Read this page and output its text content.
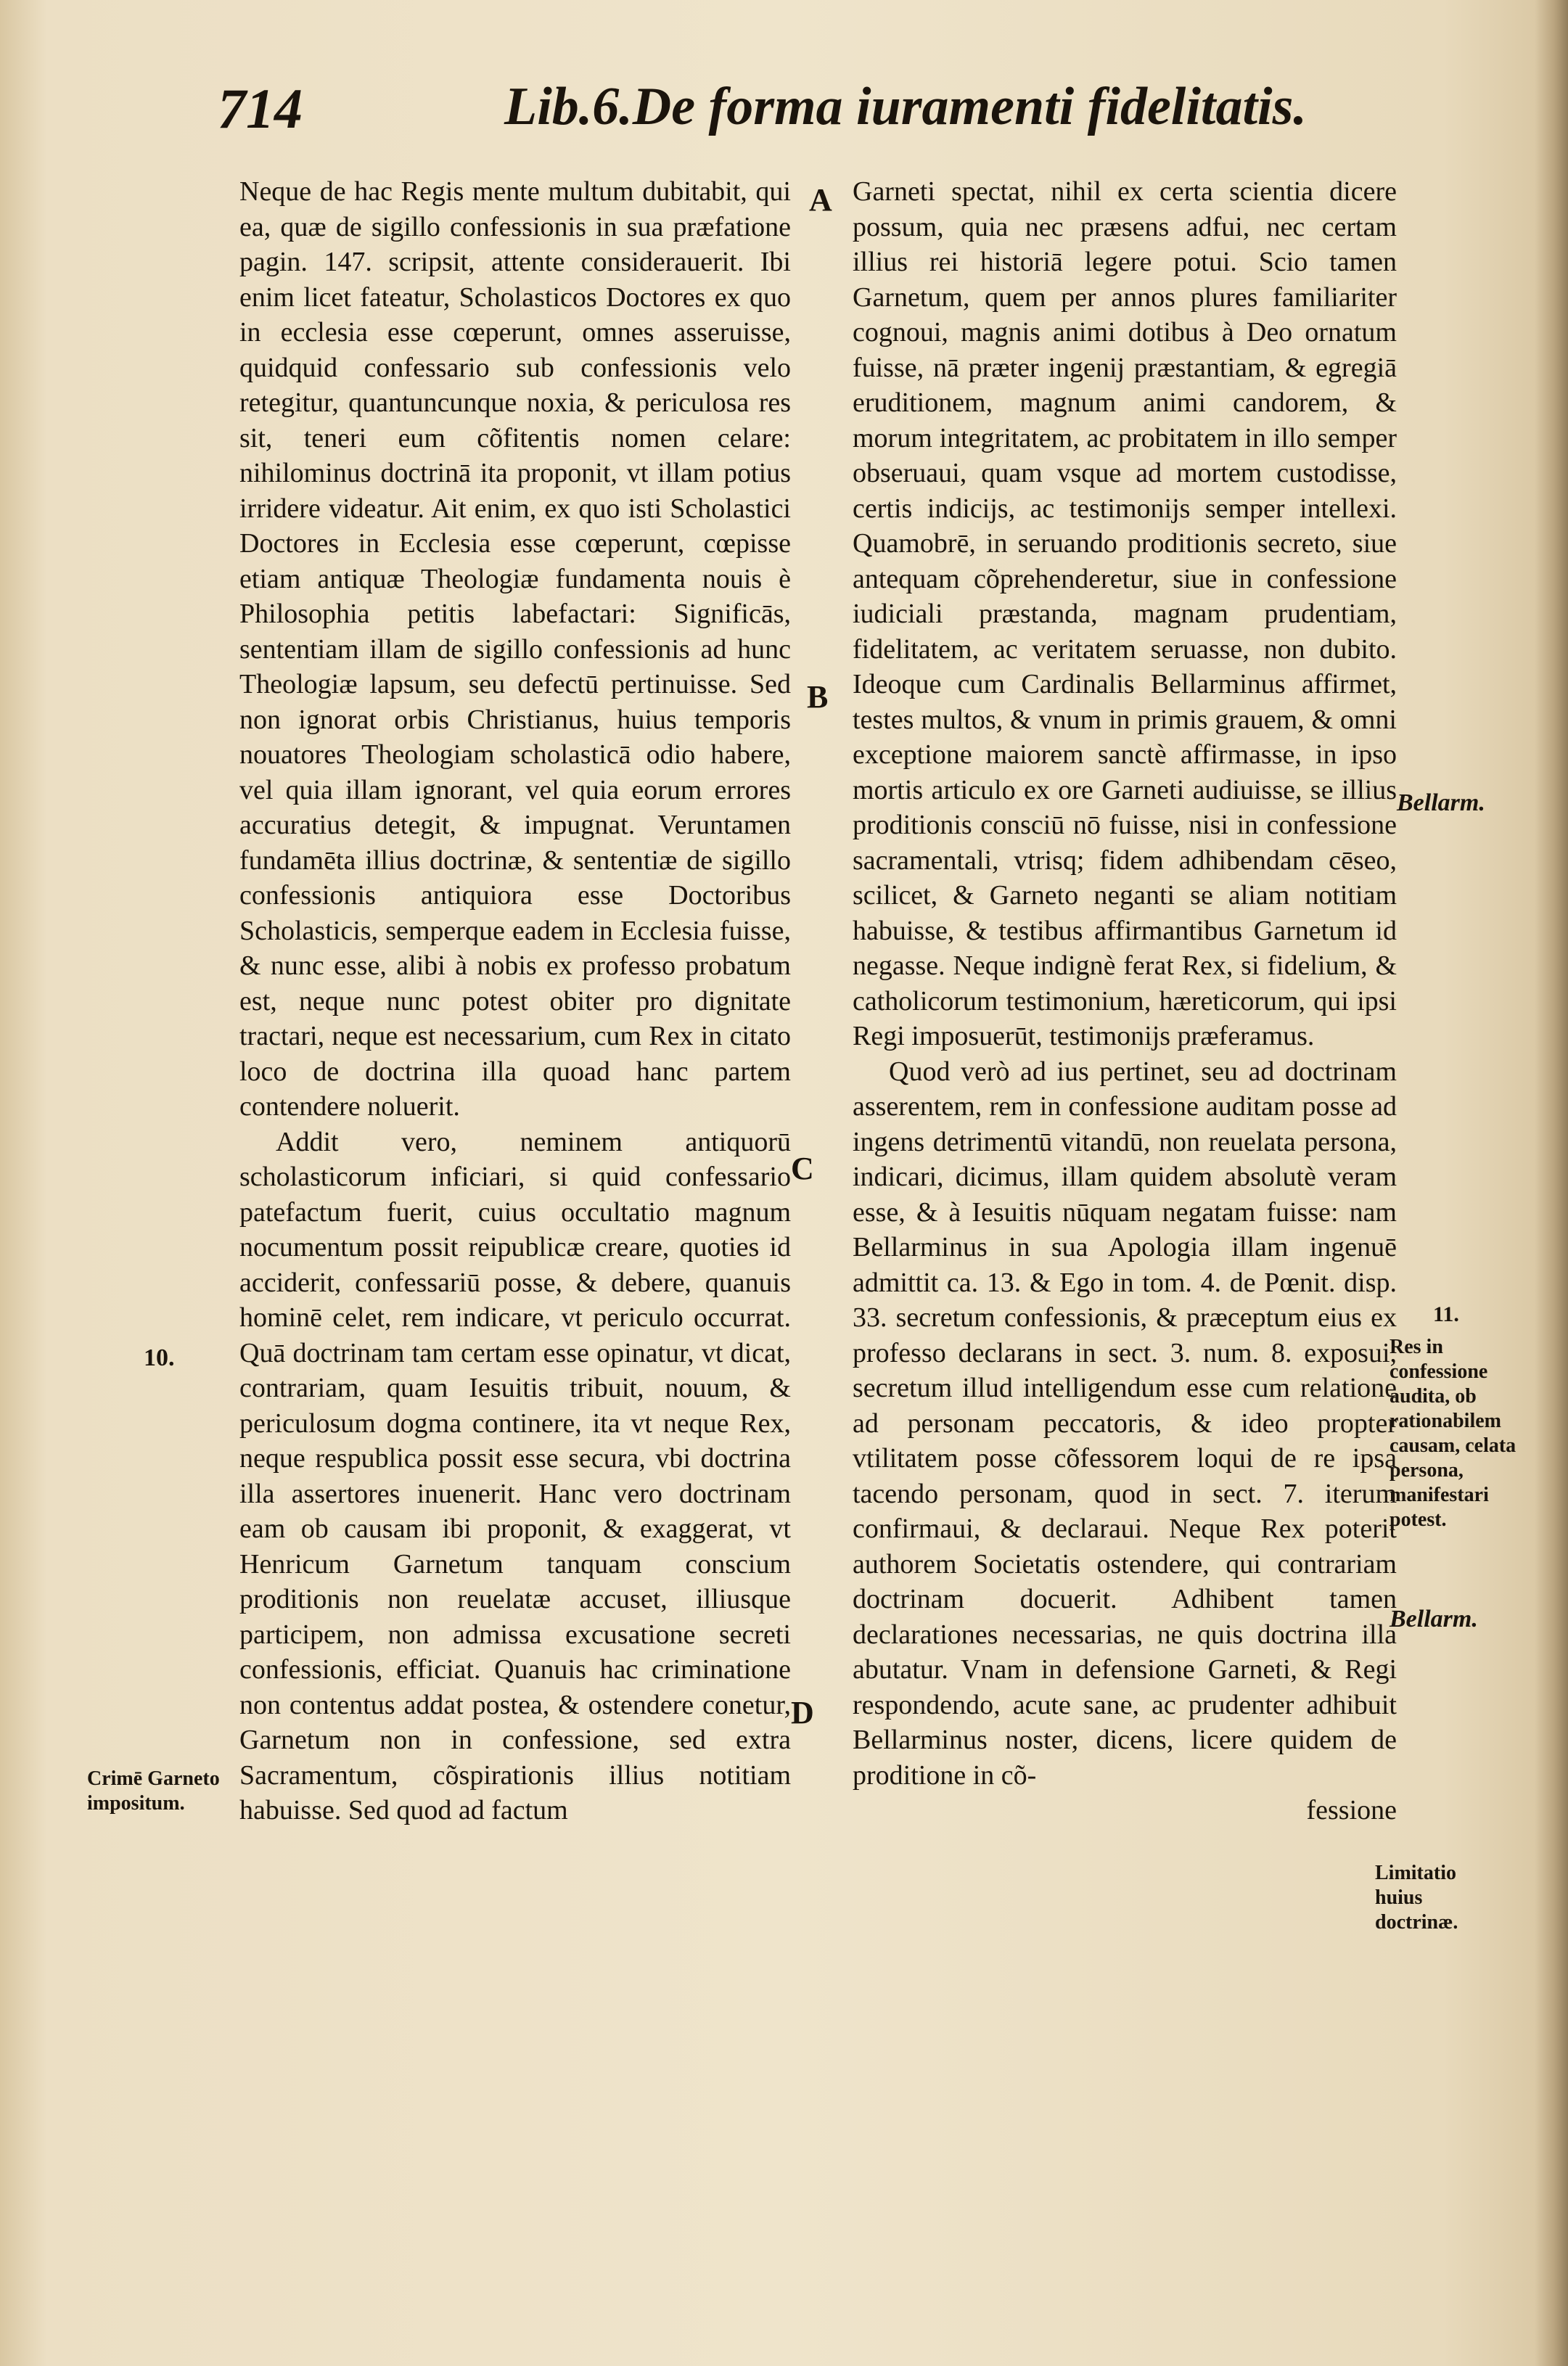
714	Lib.6.De forma iuramenti fidelitatis.

Neque de hac Regis mente multum dubitabit, qui ea, quæ de sigillo confessionis in sua præfatione pagin. 147. scripsit, attente considerauerit. Ibi enim licet fateatur, Scholasticos Doctores ex quo in ecclesia esse cœperunt, omnes asseruisse, quidquid confessario sub confessionis velo retegitur, quantuncunque noxia, & periculosa res sit, teneri eum cõfitentis nomen celare: nihilominus doctrinā ita proponit, vt illam potius irridere videatur. Ait enim, ex quo isti Scholastici Doctores in Ecclesia esse cœperunt, cœpisse etiam antiquæ Theologiæ fundamenta nouis è Philosophia petitis labefactari: Significās, sententiam illam de sigillo confessionis ad hunc Theologiæ lapsum, seu defectū pertinuisse. Sed non ignorat orbis Christianus, huius temporis nouatores Theologiam scholasticā odio habere, vel quia illam ignorant, vel quia eorum errores accuratius detegit, & impugnat. Veruntamen fundamēta illius doctrinæ, & sententiæ de sigillo confessionis antiquiora esse Doctoribus Scholasticis, semperque eadem in Ecclesia fuisse, & nunc esse, alibi à nobis ex professo probatum est, neque nunc potest obiter pro dignitate tractari, neque est necessarium, cum Rex in citato loco de doctrina illa quoad hanc partem contendere noluerit.

Addit vero, neminem antiquorū scholasticorum inficiari, si quid confessario patefactum fuerit, cuius occultatio magnum nocumentum possit reipublicæ creare, quoties id acciderit, confessariū posse, & debere, quanuis hominē celet, rem indicare, vt periculo occurrat. Quā doctrinam tam certam esse opinatur, vt dicat, contrariam, quam Iesuitis tribuit, nouum, & periculosum dogma continere, ita vt neque Rex, neque respublica possit esse secura, vbi doctrina illa assertores inuenerit. Hanc vero doctrinam eam ob causam ibi proponit, & exaggerat, vt Henricum Garnetum tanquam conscium proditionis non reuelatæ accuset, illiusque participem, non admissa excusatione secreti confessionis, efficiat. Quanuis hac criminatione non contentus addat postea, & ostendere conetur, Garnetum non in confessione, sed extra Sacramentum, cõspirationis illius notitiam habuisse. Sed quod ad factum

Garneti spectat, nihil ex certa scientia dicere possum, quia nec præsens adfui, nec certam illius rei historiā legere potui. Scio tamen Garnetum, quem per annos plures familiariter cognoui, magnis animi dotibus à Deo ornatum fuisse, nā præter ingenij præstantiam, & egregiā eruditionem, magnum animi candorem, & morum integritatem, ac probitatem in illo semper obseruaui, quam vsque ad mortem custodisse, certis indicijs, ac testimonijs semper intellexi. Quamobrē, in seruando proditionis secreto, siue antequam cõprehenderetur, siue in confessione iudiciali præstanda, magnam prudentiam, fidelitatem, ac veritatem seruasse, non dubito. Ideoque cum Cardinalis Bellarminus affirmet, testes multos, & vnum in primis grauem, & omni exceptione maiorem sanctè affirmasse, in ipso mortis articulo ex ore Garneti audiuisse, se illius proditionis consciū nō fuisse, nisi in confessione sacramentali, vtrisq; fidem adhibendam cēseo, scilicet, & Garneto neganti se aliam notitiam habuisse, & testibus affirmantibus Garnetum id negasse. Neque indignè ferat Rex, si fidelium, & catholicorum testimonium, hæreticorum, qui ipsi Regi imposuerūt, testimonijs præferamus.

Quod verò ad ius pertinet, seu ad doctrinam asserentem, rem in confessione auditam posse ad ingens detrimentū vitandū, non reuelata persona, indicari, dicimus, illam quidem absolutè veram esse, & à Iesuitis nūquam negatam fuisse: nam Bellarminus in sua Apologia illam ingenuē admittit ca. 13. & Ego in tom. 4. de Pœnit. disp. 33. secretum confessionis, & præceptum eius ex professo declarans in sect. 3. num. 8. exposui, secretum illud intelligendum esse cum relatione ad personam peccatoris, & ideo propter vtilitatem posse cõfessorem loqui de re ipsa tacendo personam, quod in sect. 7. iterum confirmaui, & declaraui. Neque Rex poterit authorem Societatis ostendere, qui contrariam doctrinam docuerit. Adhibent tamen declarationes necessarias, ne quis doctrina illa abutatur. Vnam in defensione Garneti, & Regi respondendo, acute sane, ac prudenter adhibuit Bellarminus noster, dicens, licere quidem de proditione in cõ-

fessione

A
B
C
D
10.
Crimē Garneto impositum.
Bellarm.
11.
Res in confessione audita, ob rationabilem causam, celata persona, manifestari potest.
Bellarm.
Limitatio huius doctrinæ.
